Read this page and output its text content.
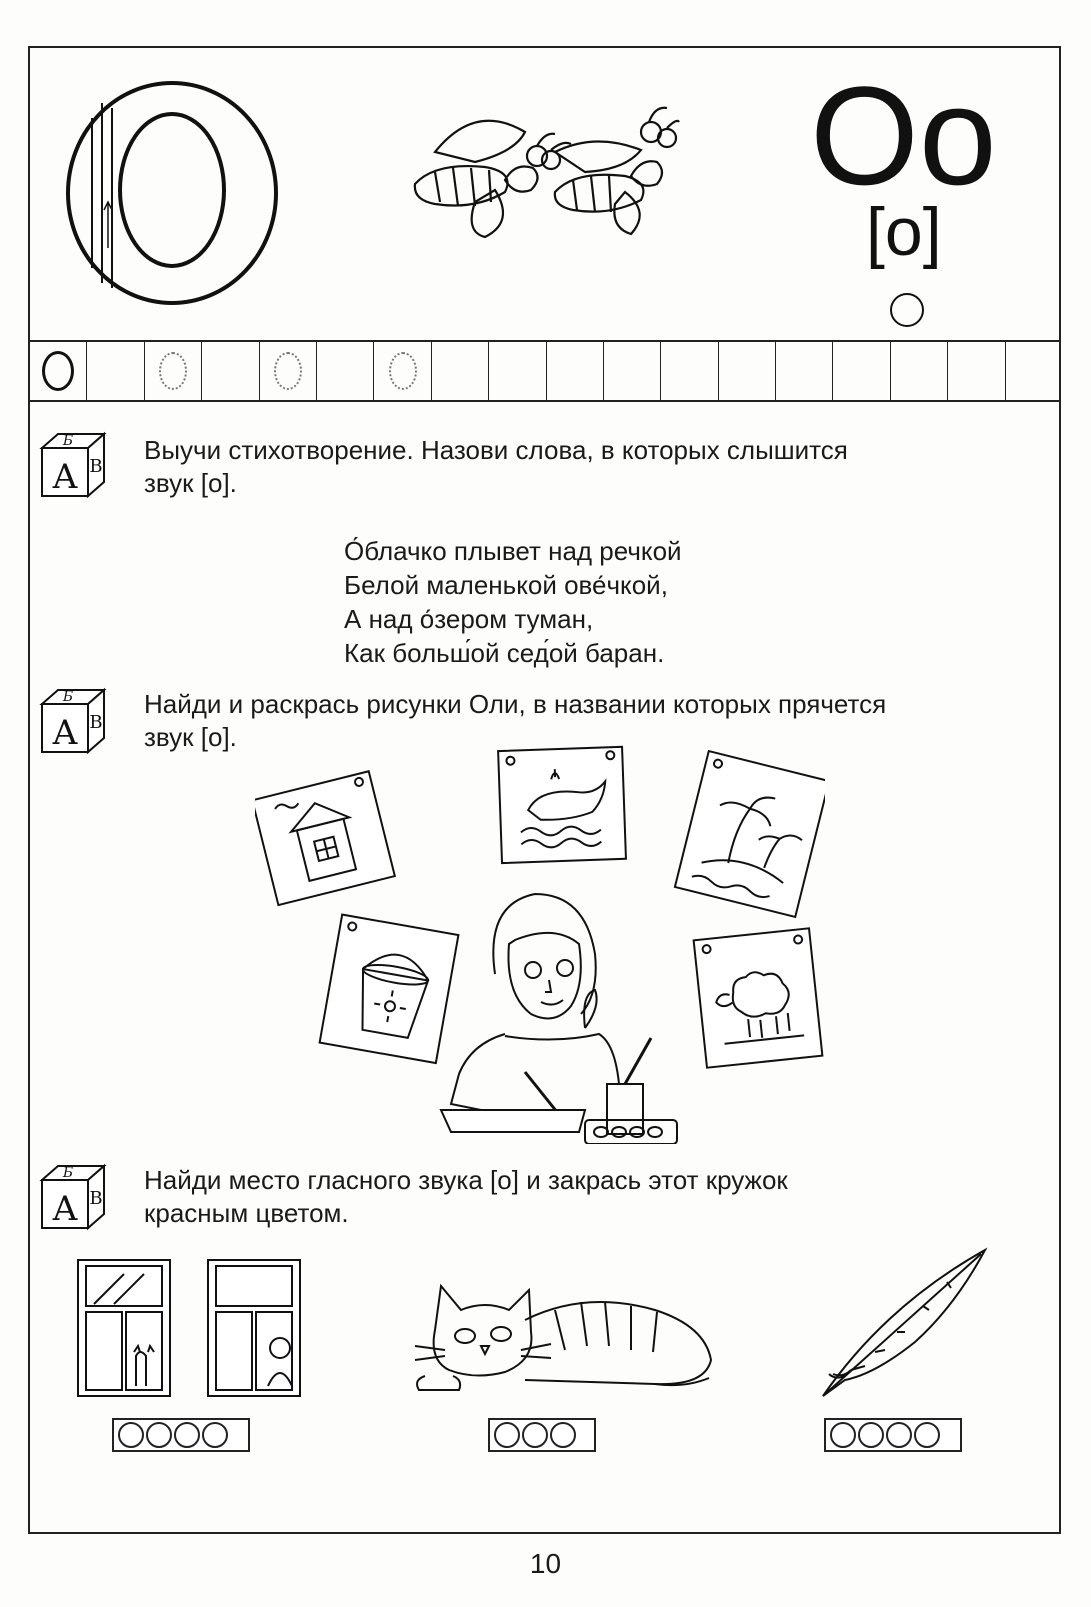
Оо
[о]
Б
А В
Выучи стихотворение. Назови слова, в которых слышится
звук [о].
О́блачко плывет над речкой
Белой маленькой ове́чкой,
А над о́зером туман,
Как больш́ой сед́ой баран.
Б
А В
Найди и раскрась рисунки Оли, в названии которых прячется
звук [о].
Б
А В
Найди место гласного звука [о] и закрась этот кружок
красным цветом.
10
